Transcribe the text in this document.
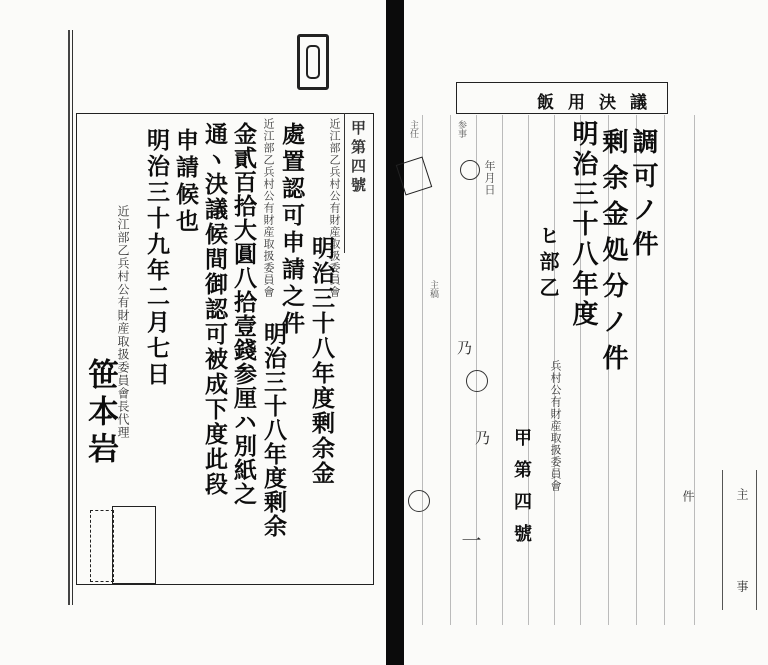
甲第四號
近江部乙兵村公有財産取扱委員會
明治三十八年度剰余金
處置認可申請之件
近江部乙兵村公有財産取扱委員會
明治三十八年度剰余
金貳百拾大圓八拾壹錢参厘ハ別紙之
通ヽ決議候間御認可被成下度此段
申請候也
明治三十九年二月七日
近江部乙兵村公有財産取扱委員會長代理
笹本岩
飯用決議
主任
主稿
参事	調可ノ件
剰余金処分ノ件
明治三十八年度
兵村公有財産取扱委員會
ヒ部乙
甲第四號
年月日
乃
乃
一
件	主
事
